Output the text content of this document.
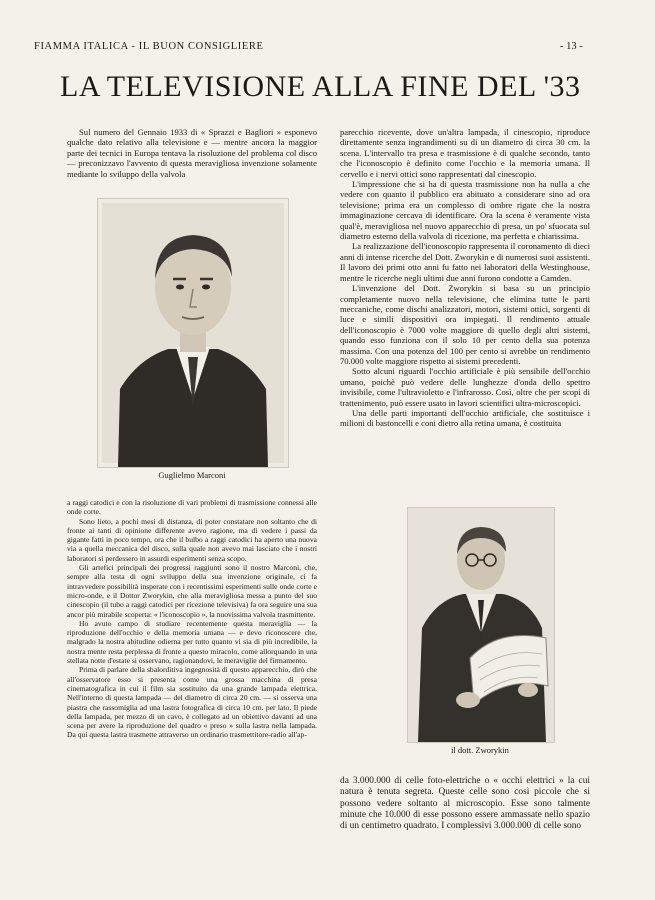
FIAMMA ITALICA - IL BUON CONSIGLIERE	- 13 -
LA TELEVISIONE ALLA FINE DEL '33

Sul numero del Gennaio 1933 di « Sprazzi e Bagliori » esponevo qualche dato relativo alla televisione e — mentre ancora la maggior parte dei tecnici in Europa tentava la risoluzione del problema col disco — preconizzavo l'avvento di questa meravigliosa invenzione solamente mediante lo sviluppo della valvola

Guglielmo Marconi

a raggi catodici e con la risoluzione di vari problemi di trasmissione connessi alle onde corte.

Sono lieto, a pochi mesi di distanza, di poter constatare non soltanto che di fronte ai tanti di opinione differente avevo ragione, ma di vedere i passi da gigante fatti in poco tempo, ora che il bulbo a raggi catodici ha aperto una nuova via a quella meccanica del disco, sulla quale non avevo mai lasciato che i nostri laboratori si perdessero in assurdi esperimenti senza scopo.

Gli artefici principali dei progressi raggiunti sono il nostro Marconi, che, sempre alla testa di ogni sviluppo della sua invenzione originale, ci fa intravvedere possibilità insperate con i recentissimi esperimenti sulle onde corte e micro-onde, e il Dottor Zworykin, che alla meravigliosa messa a punto del suo cinescopio (il tubo a raggi catodici per ricezione televisiva) fa ora seguire una sua ancor più mirabile scoperta: « l'iconoscopio », la nuovissima valvola trasmittente.

Ho avuto campo di studiare recentemente questa meraviglia — la riproduzione dell'occhio e della memoria umana — e devo riconoscere che, malgrado la nostra abitudine odierna per tutto quanto vi sia di più incredibile, la nostra mente resta perplessa di fronte a questo miracolo, come allorquando in una stellata notte d'estate si osservano, ragionandovi, le meraviglie del firmamento.

Prima di parlare della sbalorditiva ingegnosità di questo apparecchio, dirò che all'osservatore esso si presenta come una grossa macchina di presa cinematografica in cui il film sia sostituito da una grande lampada elettrica. Nell'interno di questa lampada — del diametro di circa 20 cm. — si osserva una piastra che rassomiglia ad una lastra fotografica di circa 10 cm. per lato. Il piede della lampada, per mezzo di un cavo, è collegato ad un obiettivo davanti ad una scena per avere la riproduzione del quadro « preso » sulla lastra nella lampada. Da qui questa lastra trasmette attraverso un ordinario trasmettitore-radio all'ap-

parecchio ricevente, dove un'altra lampada, il cinescopio, riproduce direttamente senza ingrandimenti su di un diametro di circa 30 cm. la scena. L'intervallo tra presa e trasmissione è di qualche secondo, tanto che l'iconoscopio è definito come l'occhio e la memoria umana. Il cervello e i nervi ottici sono rappresentati dal cinescopio.

L'impressione che si ha di questa trasmissione non ha nulla a che vedere con quanto il pubblico era abituato a considerare sino ad ora televisione; prima era un complesso di ombre rigate che la nostra immaginazione cercava di identificare. Ora la scena è veramente vista qual'è, meravigliosa nel nuovo apparecchio di presa, un po' sfuocata sul diametro esterno della valvola di ricezione, ma perfetta e chiarissima.

La realizzazione dell'iconoscopio rappresenta il coronamento di dieci anni di intense ricerche del Dott. Zworykin e di numerosi suoi assistenti. Il lavoro dei primi otto anni fu fatto nei laboratori della Westinghouse, mentre le ricerche negli ultimi due anni furono condotte a Camden.

L'invenzione del Dott. Zworykin si basa su un principio completamente nuovo nella televisione, che elimina tutte le parti meccaniche, come dischi analizzatori, motori, sistemi ottici, sorgenti di luce e simili dispositivi ora impiegati. Il rendimento attuale dell'iconoscopio è 7000 volte maggiore di quello degli altri sistemi, quando esso funziona con il solo 10 per cento della sua potenza massima. Con una potenza del 100 per cento si avrebbe un rendimento 70.000 volte maggiore rispetto ai sistemi precedenti.

Sotto alcuni riguardi l'occhio artificiale è più sensibile dell'occhio umano, poichè può vedere delle lunghezze d'onda dello spettro invisibile, come l'ultravioletto e l'infrarosso. Così, oltre che per scopi di trattenimento, può essere usato in lavori scientifici ultra-microscopici.

Una delle parti importanti dell'occhio artificiale, che sostituisce i milioni di bastoncelli e coni dietro alla retina umana, è costituita

il dott. Zworykin

da 3.000.000 di celle foto-elettriche o « occhi elettrici » la cui natura è tenuta segreta. Queste celle sono così piccole che si possono vedere soltanto al microscopio. Esse sono talmente minute che 10.000 di esse possono essere ammassate nello spazio di un centimetro quadrato. I complessivi 3.000.000 di celle sono
